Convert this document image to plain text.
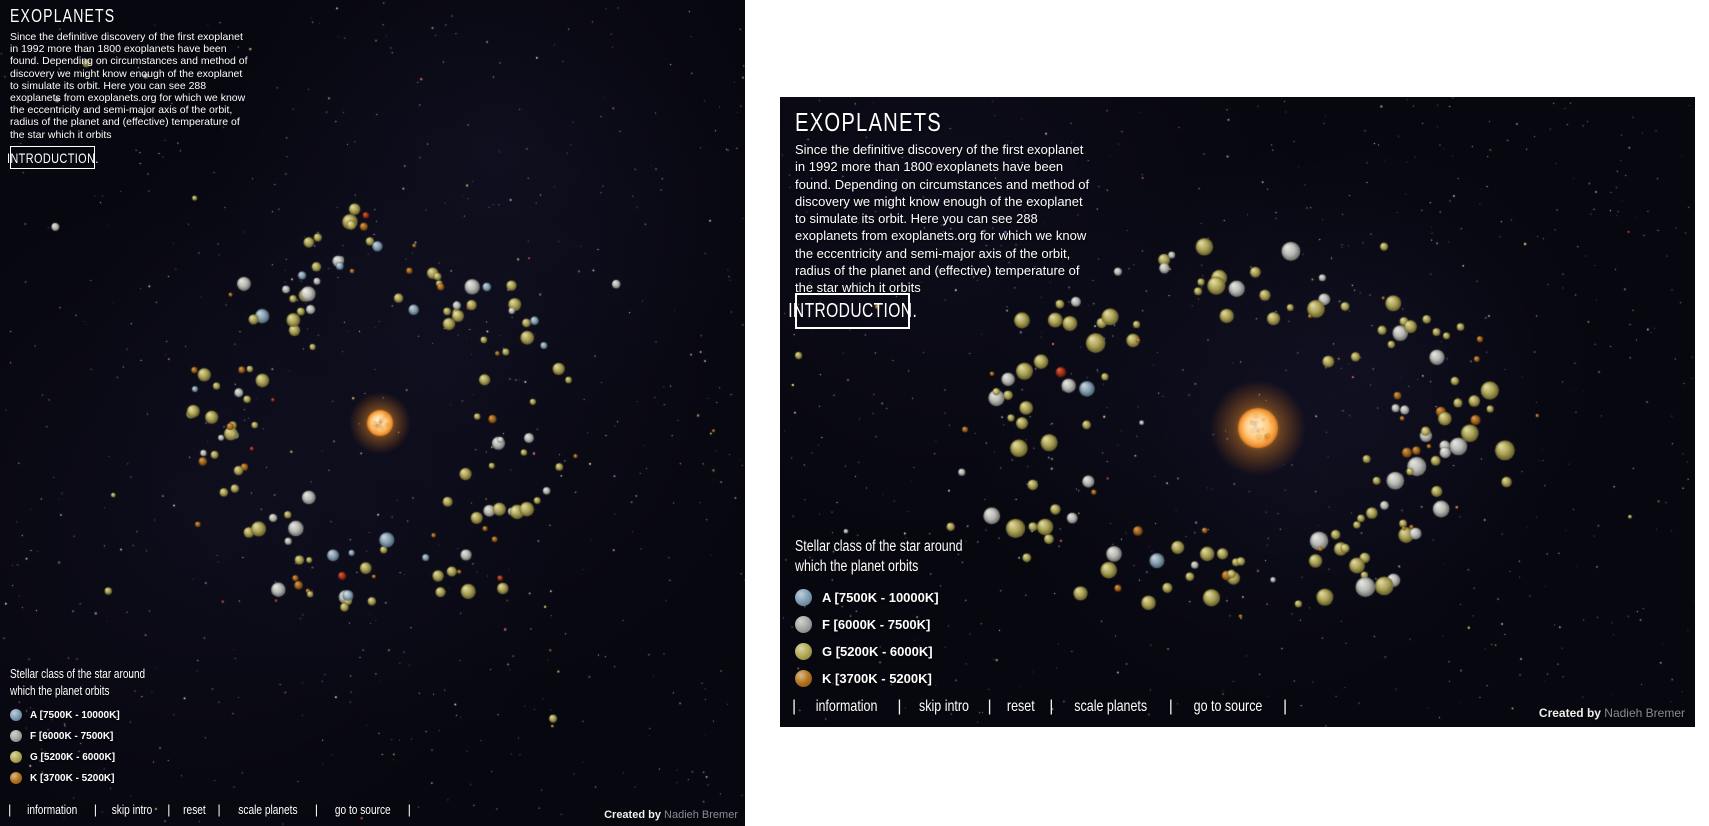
EXOPLANETS

Since the definitive discovery of the first exoplanet in 1992 more than 1800 exoplanets have been found. Depending on circumstances and method of discovery we might know enough of the exoplanet to simulate its orbit. Here you can see 288 exoplanets from exoplanets.org for which we know the eccentricity and semi-major axis of the orbit, radius of the planet and (effective) temperature of the star which it orbits

INTRODUCTION.
Stellar class of the star around
which the planet orbits
A [7500K - 10000K]
F [6000K - 7500K]
G [5200K - 6000K]
K [3700K - 5200K]
| information | skip intro | reset | scale planets | go to source |	Created by Nadieh Bremer
EXOPLANETS

Since the definitive discovery of the first exoplanet in 1992 more than 1800 exoplanets have been found. Depending on circumstances and method of discovery we might know enough of the exoplanet to simulate its orbit. Here you can see 288 exoplanets from exoplanets.org for which we know the eccentricity and semi-major axis of the orbit, radius of the planet and (effective) temperature of the star which it orbits

INTRODUCTION.
Stellar class of the star around
which the planet orbits
A [7500K - 10000K]
F [6000K - 7500K]
G [5200K - 6000K]
K [3700K - 5200K]
| information | skip intro | reset | scale planets | go to source |	Created by Nadieh Bremer
